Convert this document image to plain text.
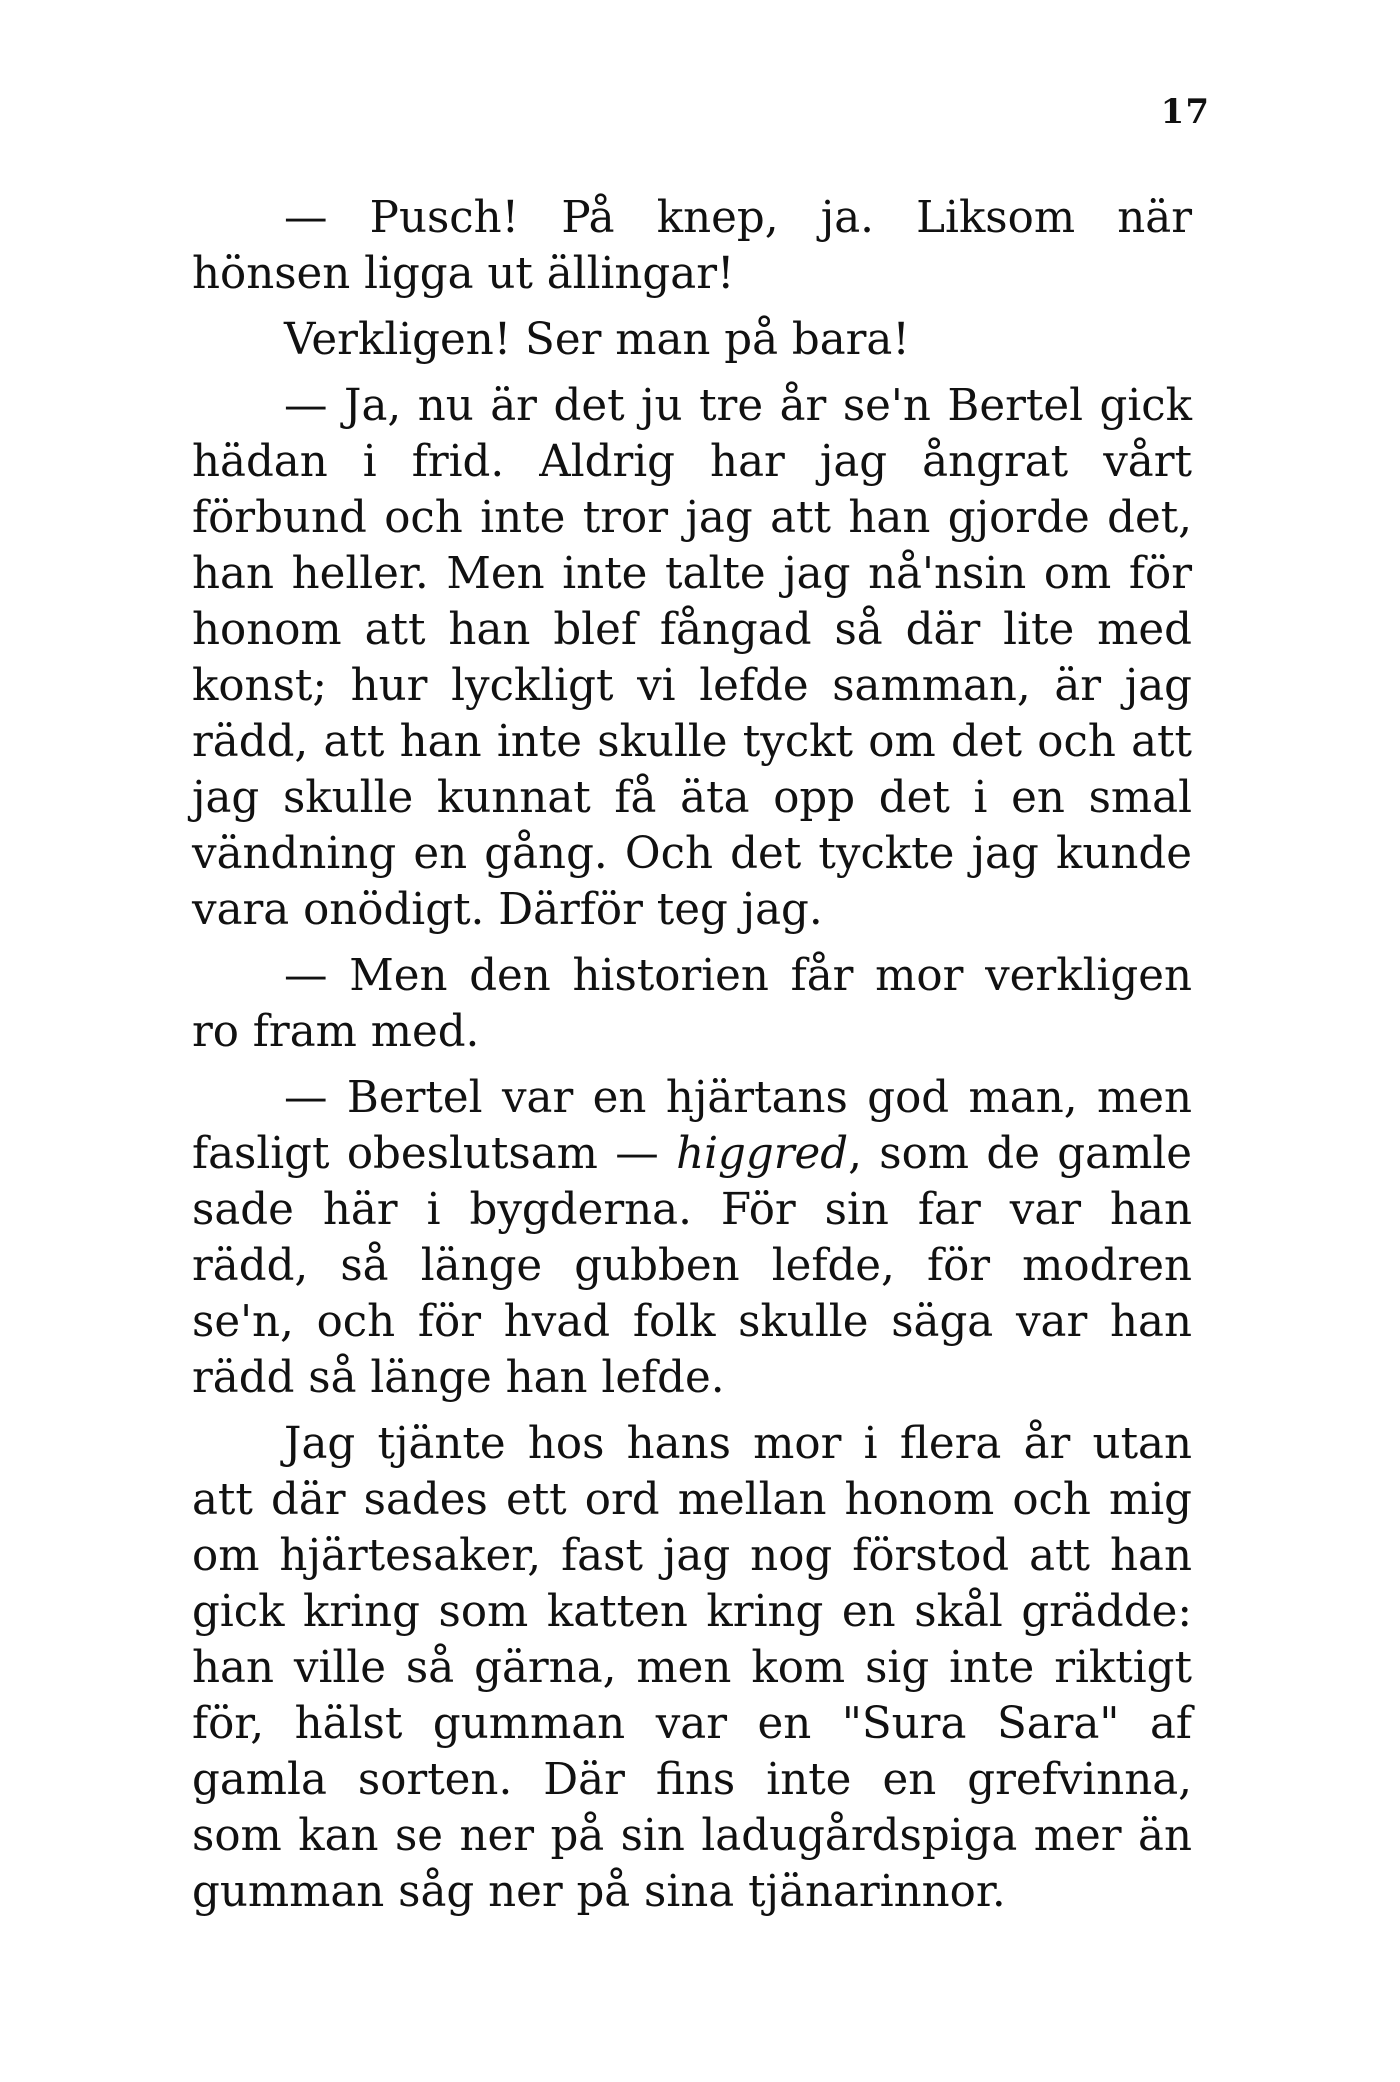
17

— Pusch! På knep, ja. Liksom när hönsen ligga ut ällingar!

Verkligen! Ser man på bara!

— Ja, nu är det ju tre år se'n Bertel gick hädan i frid. Aldrig har jag ångrat vårt förbund och inte tror jag att han gjorde det, han heller. Men inte talte jag nå'nsin om för honom att han blef fångad så där lite med konst; hur lyckligt vi lefde samman, är jag rädd, att han inte skulle tyckt om det och att jag skulle kunnat få äta opp det i en smal vändning en gång. Och det tyckte jag kunde vara onödigt. Därför teg jag.

— Men den historien får mor verkligen ro fram med.

— Bertel var en hjärtans god man, men fasligt obeslutsam — higgred, som de gamle sade här i bygderna. För sin far var han rädd, så länge gubben lefde, för modren se'n, och för hvad folk skulle säga var han rädd så länge han lefde.

Jag tjänte hos hans mor i flera år utan att där sades ett ord mellan honom och mig om hjärtesaker, fast jag nog förstod att han gick kring som katten kring en skål grädde: han ville så gärna, men kom sig inte riktigt för, hälst gumman var en "Sura Sara" af gamla sorten. Där fins inte en grefvinna, som kan se ner på sin ladugårdspiga mer än gumman såg ner på sina tjänarinnor.
